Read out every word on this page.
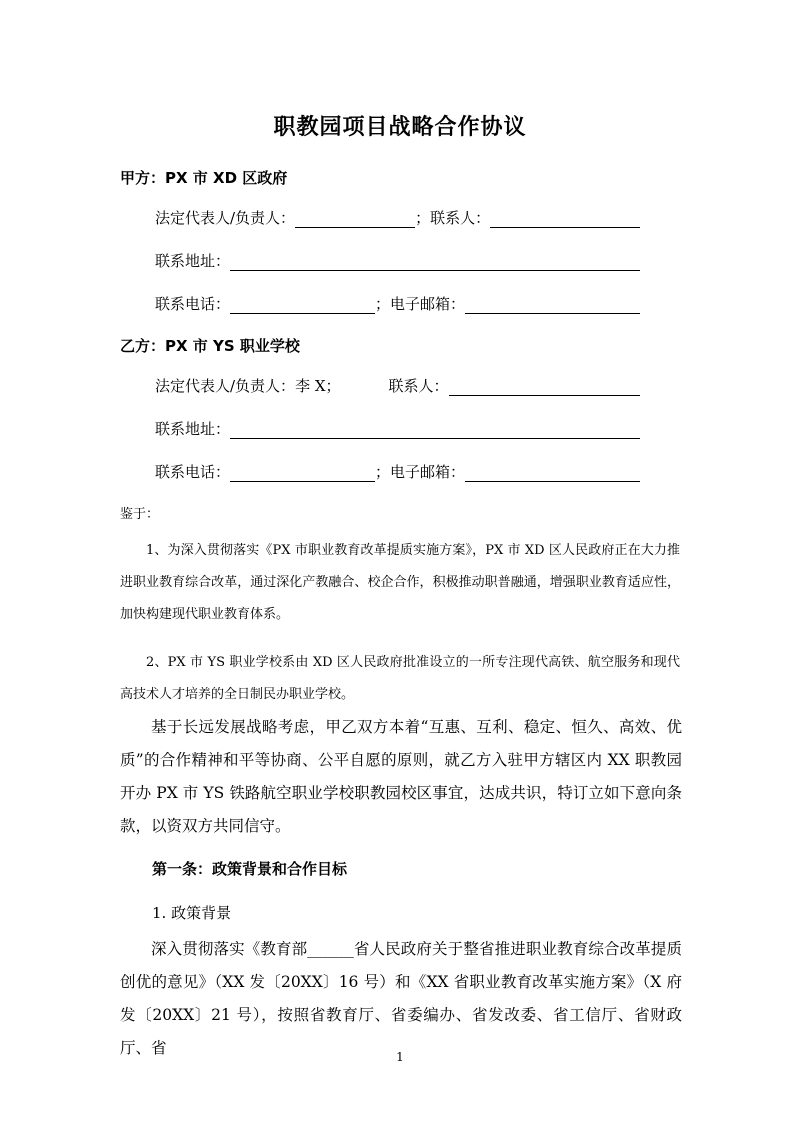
职教园项目战略合作协议
甲方：PX 市 XD 区政府
法定代表人/负责人：	；联系人：
联系地址：
联系电话：	；电子邮箱：
乙方：PX 市 YS 职业学校
法定代表人/负责人： 李 X；	联系人：
联系地址：
联系电话：	；电子邮箱：
鉴于：

1、为深入贯彻落实《PX 市职业教育改革提质实施方案》，PX 市 XD 区人民政府正在大力推进职业教育综合改革，通过深化产教融合、校企合作，积极推动职普融通，增强职业教育适应性，加快构建现代职业教育体系。

2、PX 市 YS 职业学校系由 XD 区人民政府批准设立的一所专注现代高铁、航空服务和现代高技术人才培养的全日制民办职业学校。

基于长远发展战略考虑，甲乙双方本着“互惠、互利、稳定、恒久、高效、优质”的合作精神和平等协商、公平自愿的原则，就乙方入驻甲方辖区内 XX 职教园开办 PX 市 YS 铁路航空职业学校职教园校区事宜，达成共识，特订立如下意向条款，以资双方共同信守。

第一条：政策背景和合作目标
1. 政策背景

深入贯彻落实《教育部______省人民政府关于整省推进职业教育综合改革提质创优的意见》（XX 发〔20XX〕16 号）和《XX 省职业教育改革实施方案》（X 府发〔20XX〕21 号），按照省教育厅、省委编办、省发改委、省工信厅、省财政厅、省	1
